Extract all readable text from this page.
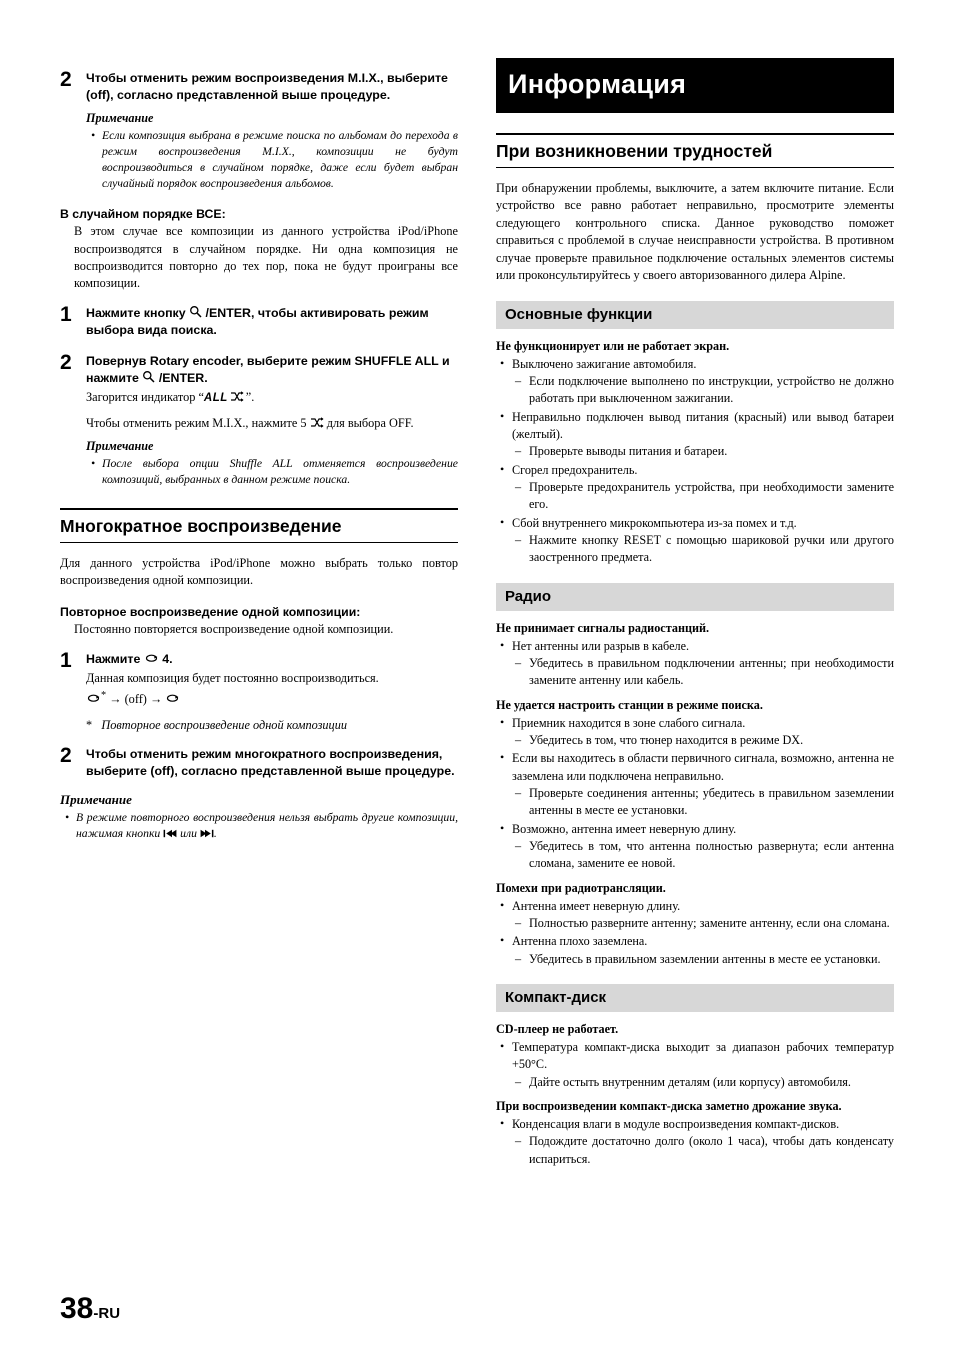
2	Чтобы отменить режим воспроизведения M.I.X., выберите (off), согласно представленной выше процедуре.
Примечание
• Если композиция выбрана в режиме поиска по альбомам до перехода в режим воспроизведения M.I.X., композиции не будут воспроизводиться в случайном порядке, даже если будет выбран случайный порядок воспроизведения альбомов.
В случайном порядке ВСЕ:

В этом случае все композиции из данного устройства iPod/iPhone воспроизводятся в случайном порядке. Ни одна композиция не воспроизводится повторно до тех пор, пока не будут проиграны все композиции.

1	Нажмите кнопку /ENTER, чтобы активировать режим выбора вида поиска.
2	Повернув Rotary encoder, выберите режим SHUFFLE ALL и нажмите /ENTER.
Загорится индикатор “ALL ”.
Чтобы отменить режим M.I.X., нажмите 5 для выбора OFF.
Примечание
• После выбора опции Shuffle ALL отменяется воспроизведение композиций, выбранных в данном режиме поиска.
Многократное воспроизведение

Для данного устройства iPod/iPhone можно выбрать только повтор воспроизведения одной композиции.

Повторное воспроизведение одной композиции:

Постоянно повторяется воспроизведение одной композиции.

1	Нажмите 4.
Данная композиция будет постоянно воспроизводиться.
* → (off) →
* Повторное воспроизведение одной композиции
2	Чтобы отменить режим многократного воспроизведения, выберите (off), согласно представленной выше процедуре.
Примечание
• В режиме повторного воспроизведения нельзя выбрать другие композиции, нажимая кнопки или .
Информация
При возникновении трудностей

При обнаружении проблемы, выключите, а затем включите питание. Если устройство все равно работает неправильно, просмотрите элементы следующего контрольного списка. Данное руководство поможет справиться с проблемой в случае неисправности устройства. В противном случае проверьте правильное подключение остальных элементов системы или проконсультируйтесь у своего авторизованного дилера Alpine.

Основные функции
Не функционирует или не работает экран.
• Выключено зажигание автомобиля.
– Если подключение выполнено по инструкции, устройство не должно работать при выключенном зажигании.
• Неправильно подключен вывод питания (красный) или вывод батареи (желтый).
– Проверьте выводы питания и батареи.
• Сгорел предохранитель.
– Проверьте предохранитель устройства, при необходимости замените его.
• Сбой внутреннего микрокомпьютера из-за помех и т.д.
– Нажмите кнопку RESET с помощью шариковой ручки или другого заостренного предмета.
Радио
Не принимает сигналы радиостанций.
• Нет антенны или разрыв в кабеле.
– Убедитесь в правильном подключении антенны; при необходимости замените антенну или кабель.
Не удается настроить станции в режиме поиска.
• Приемник находится в зоне слабого сигнала.
– Убедитесь в том, что тюнер находится в режиме DX.
• Если вы находитесь в области первичного сигнала, возможно, антенна не заземлена или подключена неправильно.
– Проверьте соединения антенны; убедитесь в правильном заземлении антенны в месте ее установки.
• Возможно, антенна имеет неверную длину.
– Убедитесь в том, что антенна полностью развернута; если антенна сломана, замените ее новой.
Помехи при радиотрансляции.
• Антенна имеет неверную длину.
– Полностью разверните антенну; замените антенну, если она сломана.
• Антенна плохо заземлена.
– Убедитесь в правильном заземлении антенны в месте ее установки.
Компакт-диск
CD-плеер не работает.
• Температура компакт-диска выходит за диапазон рабочих температур +50°C.
– Дайте остыть внутренним деталям (или корпусу) автомобиля.
При воспроизведении компакт-диска заметно дрожание звука.
• Конденсация влаги в модуле воспроизведения компакт-дисков.
– Подождите достаточно долго (около 1 часа), чтобы дать конденсату испариться.
38-RU
